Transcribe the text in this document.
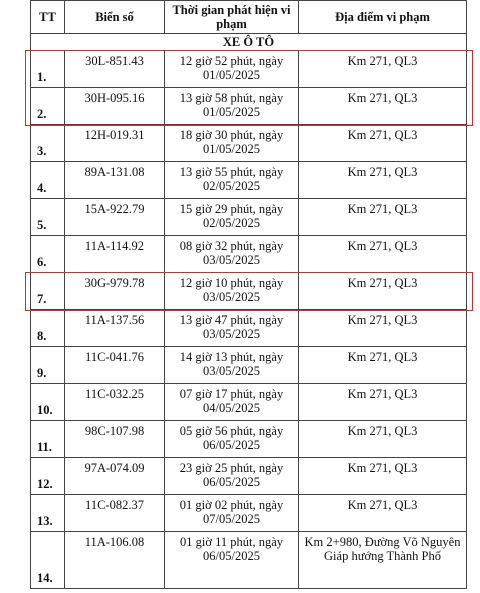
TT	Biển số	Thời gian phát hiện vi phạm	Địa điểm vi phạm
XE Ô TÔ			
1.	30L-851.43	12 giờ 52 phút, ngày 01/05/2025	Km 271, QL3
2.	30H-095.16	13 giờ 58 phút, ngày 01/05/2025	Km 271, QL3
3.	12H-019.31	18 giờ 30 phút, ngày 01/05/2025	Km 271, QL3
4.	89A-131.08	13 giờ 55 phút, ngày 02/05/2025	Km 271, QL3
5.	15A-922.79	15 giờ 29 phút, ngày 02/05/2025	Km 271, QL3
6.	11A-114.92	08 giờ 32 phút, ngày 03/05/2025	Km 271, QL3
7.	30G-979.78	12 giờ 10 phút, ngày 03/05/2025	Km 271, QL3
8.	11A-137.56	13 giờ 47 phút, ngày 03/05/2025	Km 271, QL3
9.	11C-041.76	14 giờ 13 phút, ngày 03/05/2025	Km 271, QL3
10.	11C-032.25	07 giờ 17 phút, ngày 04/05/2025	Km 271, QL3
11.	98C-107.98	05 giờ 56 phút, ngày 06/05/2025	Km 271, QL3
12.	97A-074.09	23 giờ 25 phút, ngày 06/05/2025	Km 271, QL3
13.	11C-082.37	01 giờ 02 phút, ngày 07/05/2025	Km 271, QL3
14.	11A-106.08	01 giờ 11 phút, ngày 06/05/2025	Km 2+980, Đường Võ Nguyên Giáp hướng Thành Phố
